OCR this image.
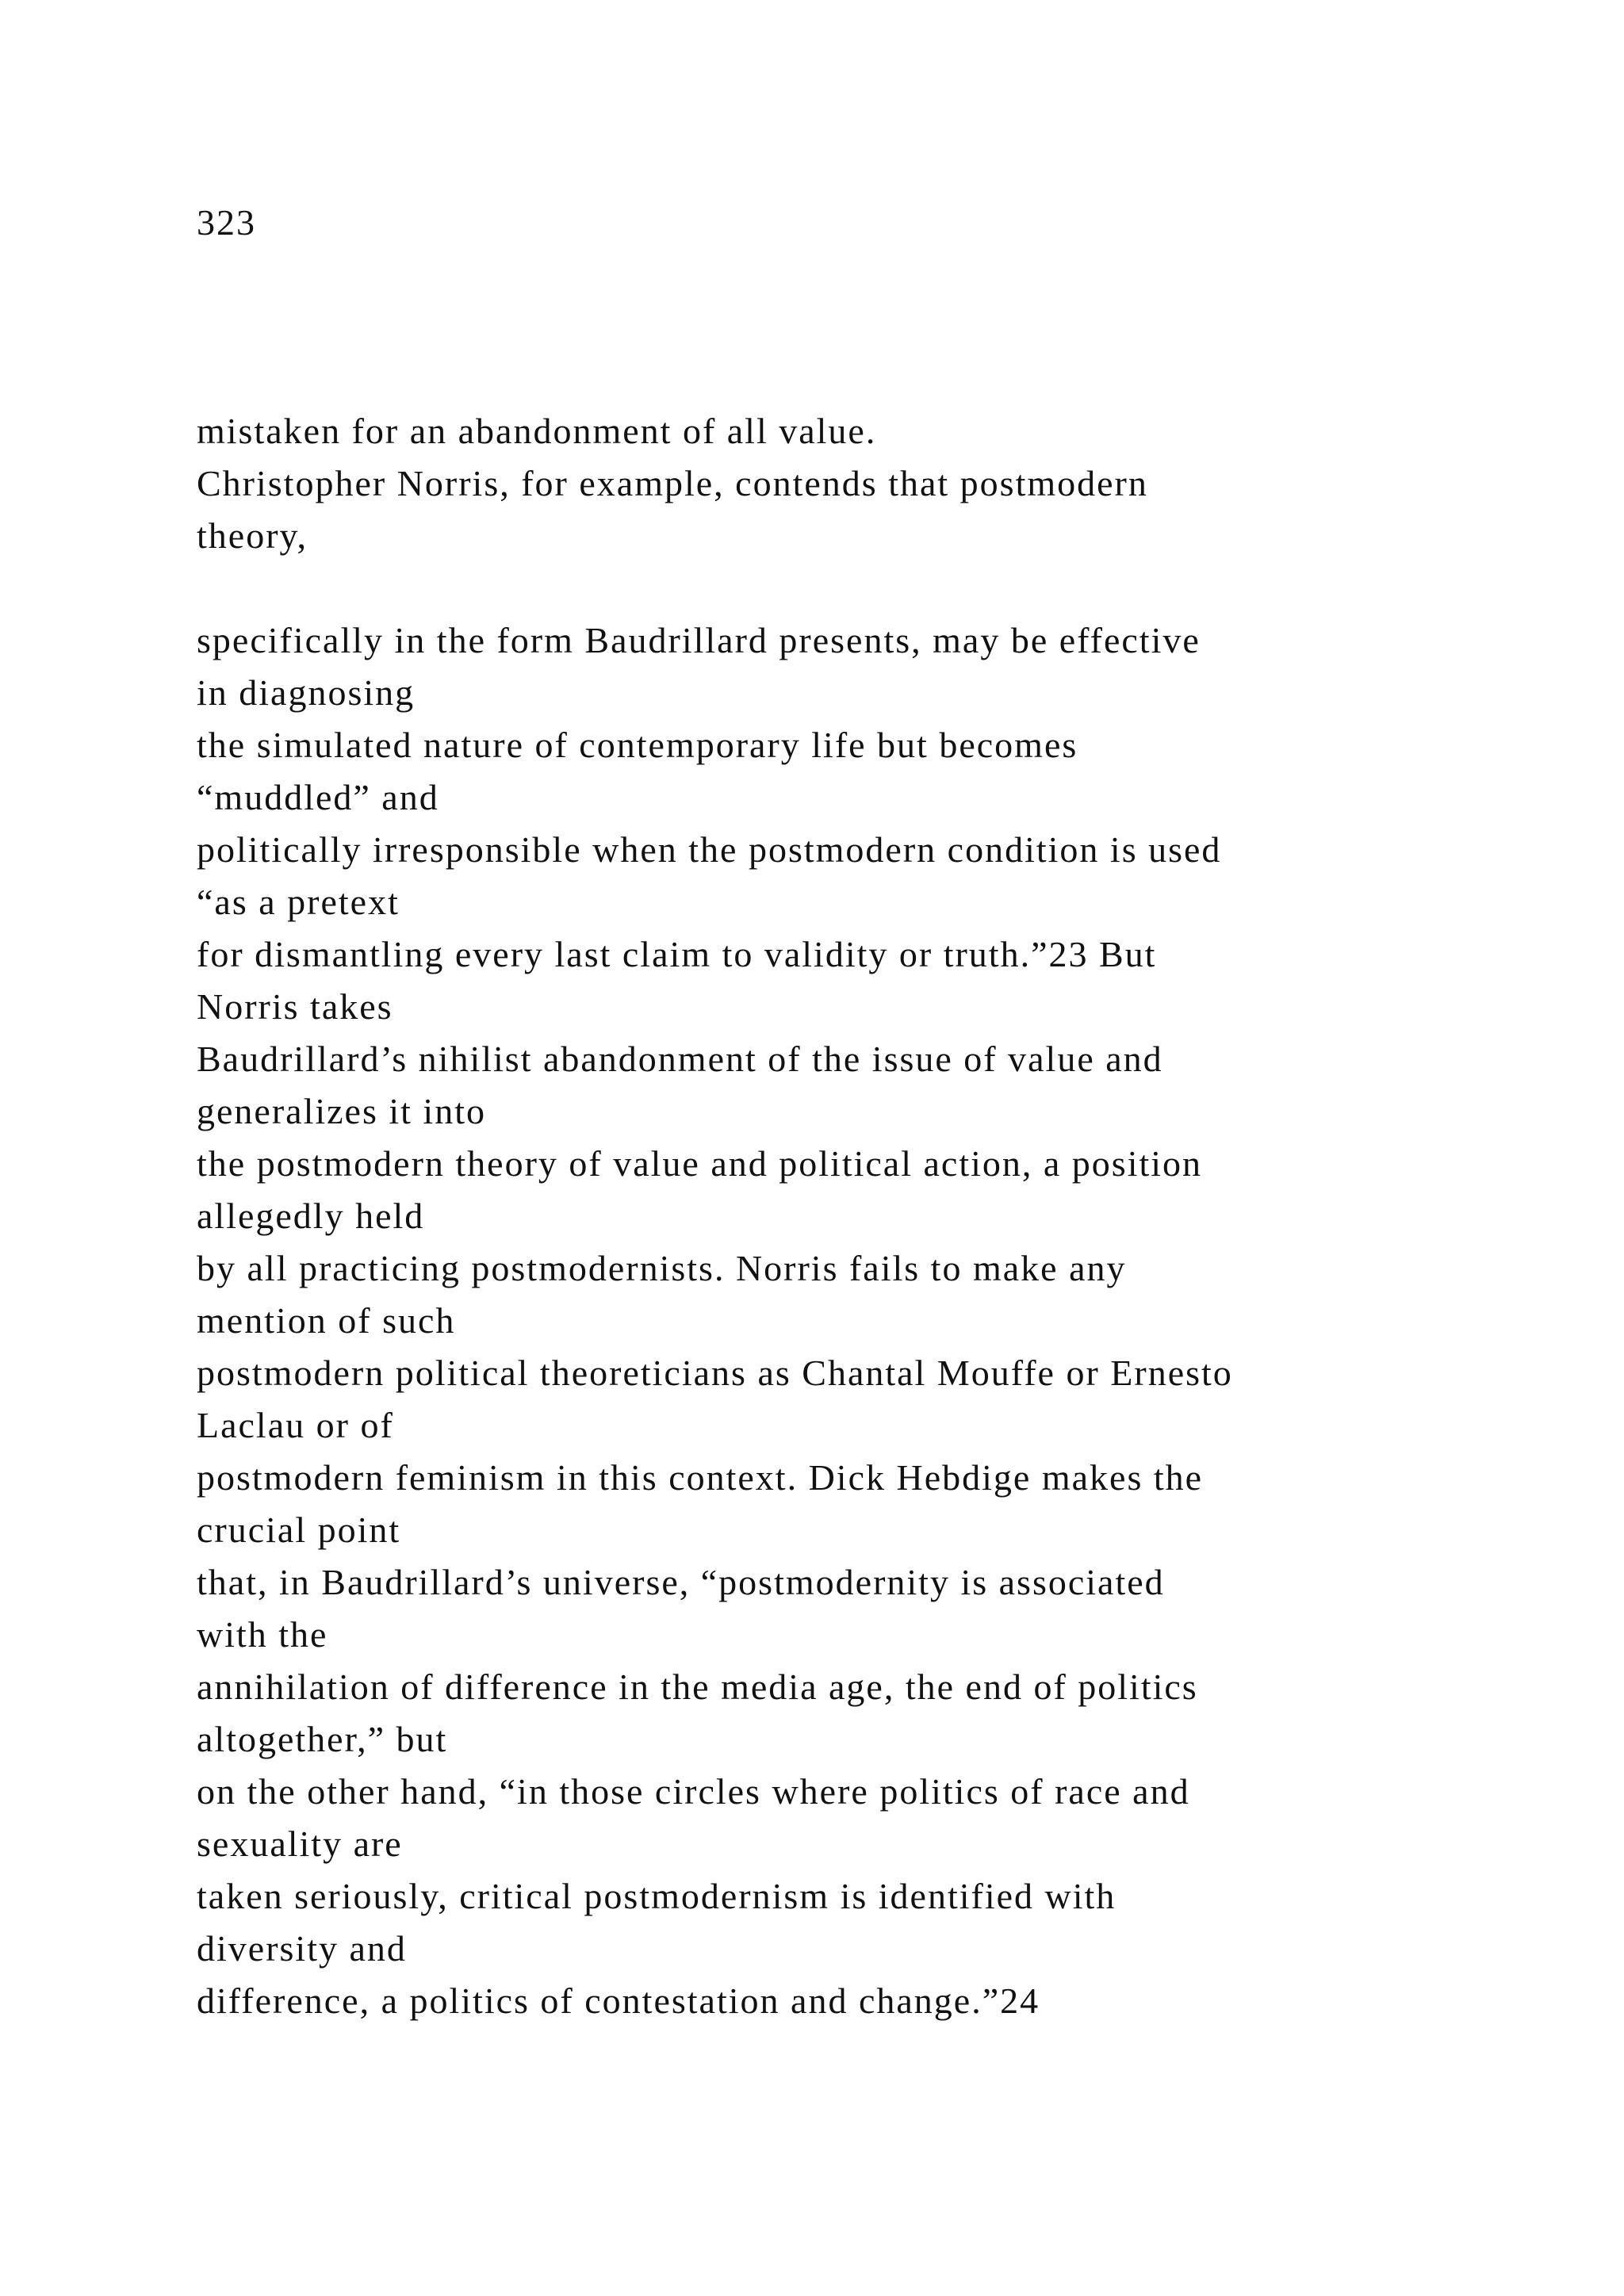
323

mistaken for an abandonment of all value.
Christopher Norris, for example, contends that postmodern
theory,
specifically in the form Baudrillard presents, may be effective
in diagnosing
the simulated nature of contemporary life but becomes
“muddled” and
politically irresponsible when the postmodern condition is used
“as a pretext
for dismantling every last claim to validity or truth.”23 But
Norris takes
Baudrillard’s nihilist abandonment of the issue of value and
generalizes it into
the postmodern theory of value and political action, a position
allegedly held
by all practicing postmodernists. Norris fails to make any
mention of such
postmodern political theoreticians as Chantal Mouffe or Ernesto
Laclau or of
postmodern feminism in this context. Dick Hebdige makes the
crucial point
that, in Baudrillard’s universe, “postmodernity is associated
with the
annihilation of difference in the media age, the end of politics
altogether,” but
on the other hand, “in those circles where politics of race and
sexuality are
taken seriously, critical postmodernism is identified with
diversity and
difference, a politics of contestation and change.”24
